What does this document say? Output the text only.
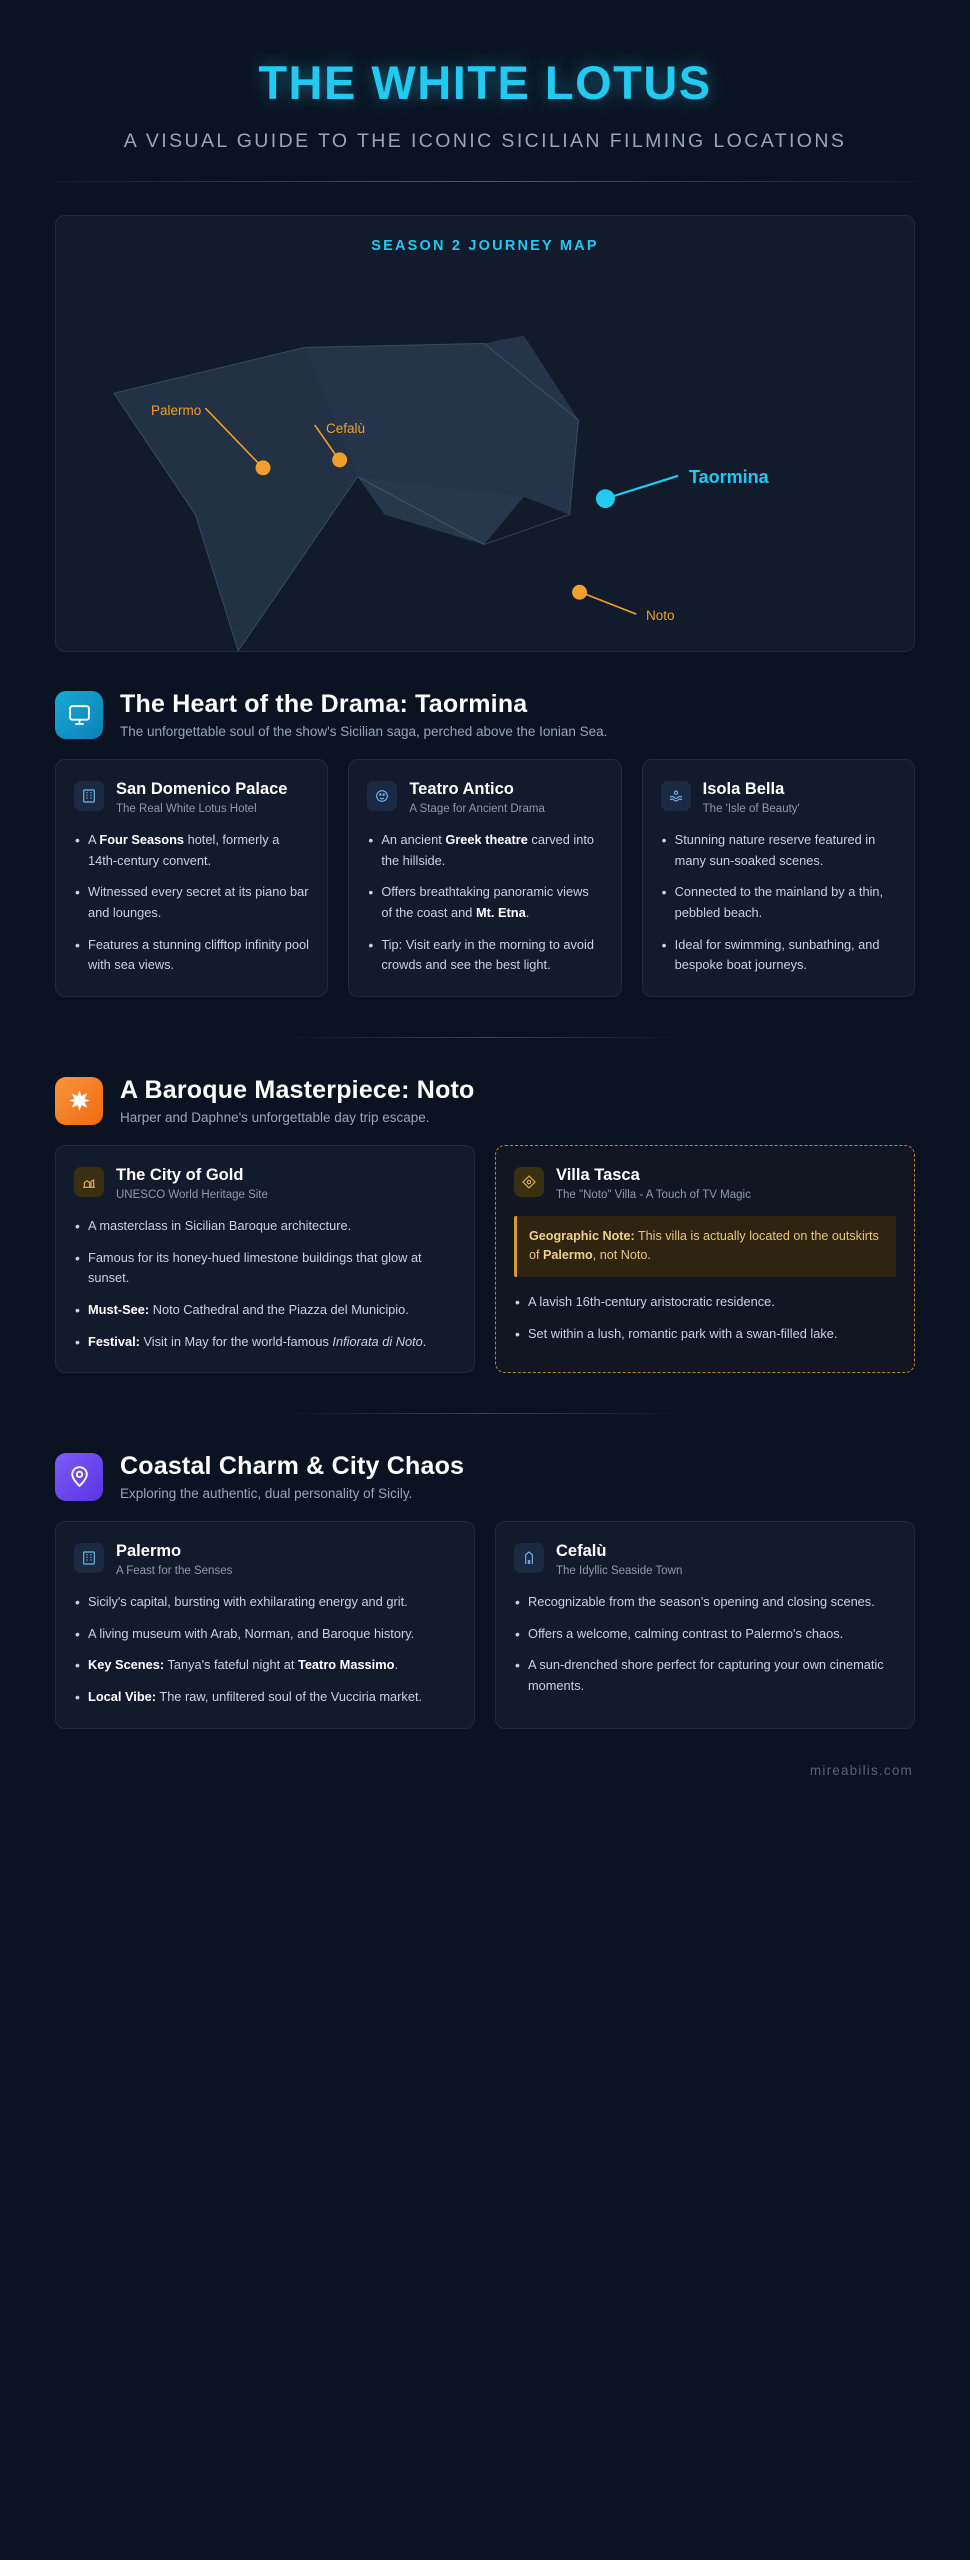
THE WHITE LOTUS
A VISUAL GUIDE TO THE ICONIC SICILIAN FILMING LOCATIONS
SEASON 2 JOURNEY MAP
Palermo
Cefalù
Taormina
Noto
The Heart of the Drama: Taormina
The unforgettable soul of the show's Sicilian saga, perched above the Ionian Sea.
San Domenico Palace
The Real White Lotus Hotel
• A Four Seasons hotel, formerly a 14th-century convent.
• Witnessed every secret at its piano bar and lounges.
• Features a stunning clifftop infinity pool with sea views.
Teatro Antico
A Stage for Ancient Drama
• An ancient Greek theatre carved into the hillside.
• Offers breathtaking panoramic views of the coast and Mt. Etna.
• Tip: Visit early in the morning to avoid crowds and see the best light.
Isola Bella
The 'Isle of Beauty'
• Stunning nature reserve featured in many sun-soaked scenes.
• Connected to the mainland by a thin, pebbled beach.
• Ideal for swimming, sunbathing, and bespoke boat journeys.
A Baroque Masterpiece: Noto
Harper and Daphne's unforgettable day trip escape.
The City of Gold
UNESCO World Heritage Site
• A masterclass in Sicilian Baroque architecture.
• Famous for its honey-hued limestone buildings that glow at sunset.
• Must-See: Noto Cathedral and the Piazza del Municipio.
• Festival: Visit in May for the world-famous Infiorata di Noto.
Villa Tasca
The "Noto" Villa - A Touch of TV Magic
Geographic Note: This villa is actually located on the outskirts of Palermo, not Noto.
• A lavish 16th-century aristocratic residence.
• Set within a lush, romantic park with a swan-filled lake.
Coastal Charm & City Chaos
Exploring the authentic, dual personality of Sicily.
Palermo
A Feast for the Senses
• Sicily's capital, bursting with exhilarating energy and grit.
• A living museum with Arab, Norman, and Baroque history.
• Key Scenes: Tanya's fateful night at Teatro Massimo.
• Local Vibe: The raw, unfiltered soul of the Vucciria market.
Cefalù
The Idyllic Seaside Town
• Recognizable from the season's opening and closing scenes.
• Offers a welcome, calming contrast to Palermo's chaos.
• A sun-drenched shore perfect for capturing your own cinematic moments.
mireabilis.com
